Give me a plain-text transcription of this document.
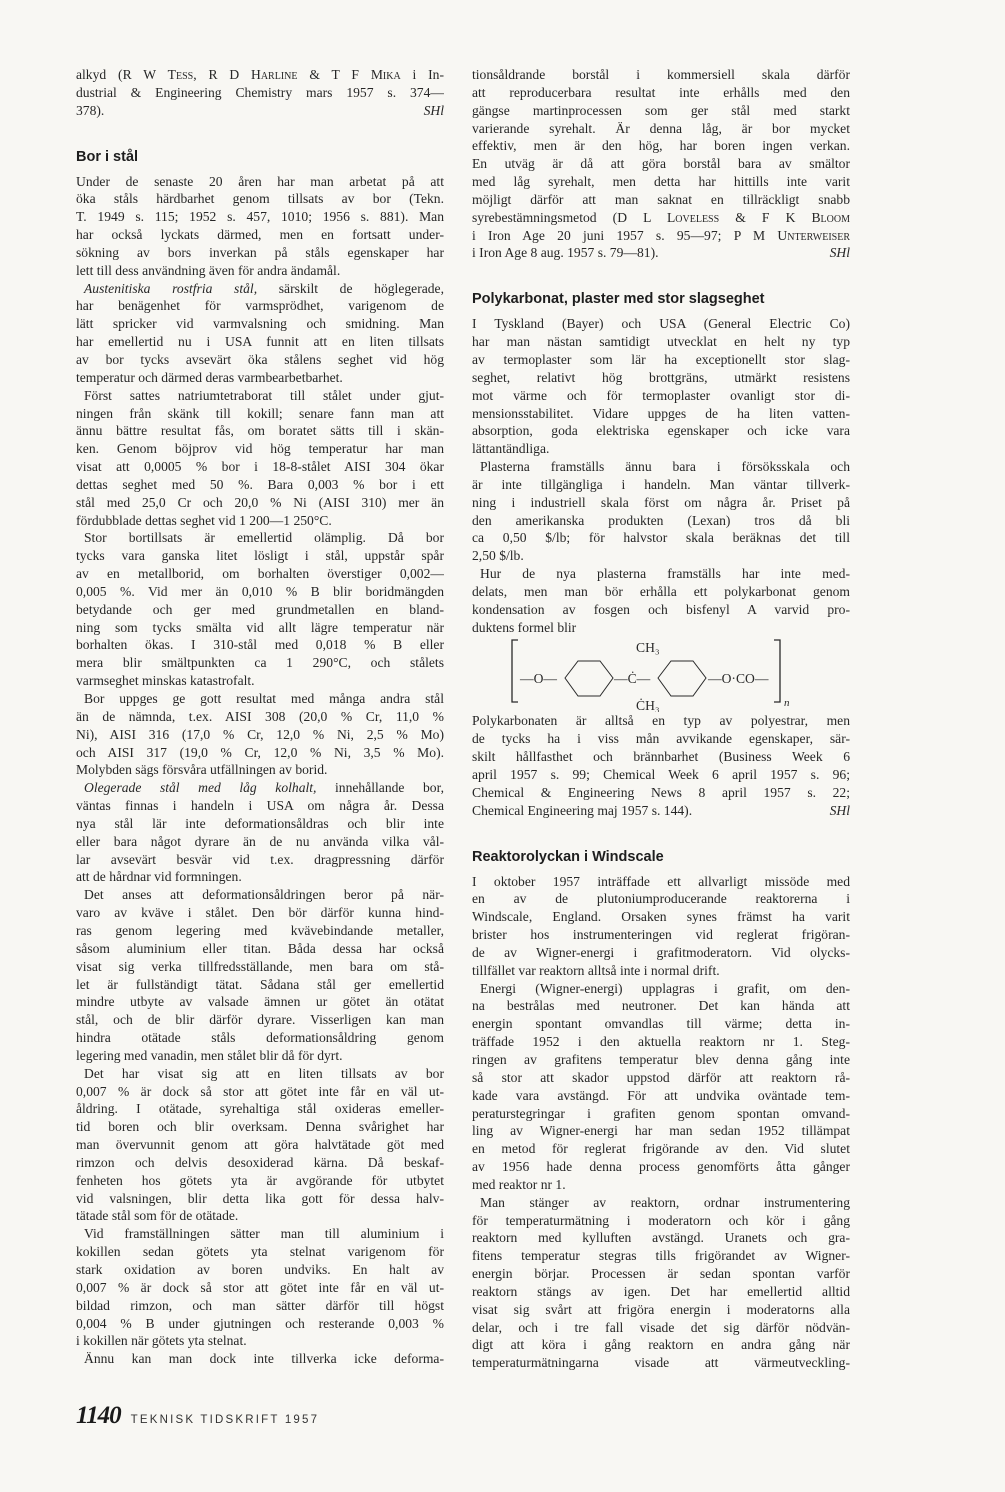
alkyd (R W Tess, R D Harline & T F Mika i In-
dustrial & Engineering Chemistry mars 1957 s. 374—
378).	SHl
Bor i stål
Under de senaste 20 åren har man arbetat på att
öka ståls härdbarhet genom tillsats av bor (Tekn.
T. 1949 s. 115; 1952 s. 457, 1010; 1956 s. 881). Man
har också lyckats därmed, men en fortsatt under-
sökning av bors inverkan på ståls egenskaper har
lett till dess användning även för andra ändamål.
Austenitiska rostfria stål, särskilt de höglegerade,
har benägenhet för varmsprödhet, varigenom de
lätt spricker vid varmvalsning och smidning. Man
har emellertid nu i USA funnit att en liten tillsats
av bor tycks avsevärt öka stålens seghet vid hög
temperatur och därmed deras varmbearbetbarhet.
Först sattes natriumtetraborat till stålet under gjut-
ningen från skänk till kokill; senare fann man att
ännu bättre resultat fås, om boratet sätts till i skän-
ken. Genom böjprov vid hög temperatur har man
visat att 0,0005 % bor i 18-8-stålet AISI 304 ökar
dettas seghet med 50 %. Bara 0,003 % bor i ett
stål med 25,0 Cr och 20,0 % Ni (AISI 310) mer än
fördubblade dettas seghet vid 1 200—1 250°C.
Stor bortillsats är emellertid olämplig. Då bor
tycks vara ganska litet lösligt i stål, uppstår spår
av en metallborid, om borhalten överstiger 0,002—
0,005 %. Vid mer än 0,010 % B blir boridmängden
betydande och ger med grundmetallen en bland-
ning som tycks smälta vid allt lägre temperatur när
borhalten ökas. I 310-stål med 0,018 % B eller
mera blir smältpunkten ca 1 290°C, och stålets
varmseghet minskas katastrofalt.
Bor uppges ge gott resultat med många andra stål
än de nämnda, t.ex. AISI 308 (20,0 % Cr, 11,0 %
Ni), AISI 316 (17,0 % Cr, 12,0 % Ni, 2,5 % Mo)
och AISI 317 (19,0 % Cr, 12,0 % Ni, 3,5 % Mo).
Molybden sägs försvåra utfällningen av borid.
Olegerade stål med låg kolhalt, innehållande bor,
väntas finnas i handeln i USA om några år. Dessa
nya stål lär inte deformationsåldras och blir inte
eller bara något dyrare än de nu använda vilka vål-
lar avsevärt besvär vid t.ex. dragpressning därför
att de hårdnar vid formningen.
Det anses att deformationsåldringen beror på när-
varo av kväve i stålet. Den bör därför kunna hind-
ras genom legering med kvävebindande metaller,
såsom aluminium eller titan. Båda dessa har också
visat sig verka tillfredsställande, men bara om stå-
let är fullständigt tätat. Sådana stål ger emellertid
mindre utbyte av valsade ämnen ur götet än otätat
stål, och de blir därför dyrare. Visserligen kan man
hindra otätade ståls deformationsåldring genom
legering med vanadin, men stålet blir då för dyrt.
Det har visat sig att en liten tillsats av bor
0,007 % är dock så stor att götet inte får en väl ut-
åldring. I otätade, syrehaltiga stål oxideras emeller-
tid boren och blir overksam. Denna svårighet har
man övervunnit genom att göra halvtätade göt med
rimzon och delvis desoxiderad kärna. Då beskaf-
fenheten hos götets yta är avgörande för utbytet
vid valsningen, blir detta lika gott för dessa halv-
tätade stål som för de otätade.
Vid framställningen sätter man till aluminium i
kokillen sedan götets yta stelnat varigenom för
stark oxidation av boren undviks. En halt av
0,007 % är dock så stor att götet inte får en väl ut-
bildad rimzon, och man sätter därför till högst
0,004 % B under gjutningen och resterande 0,003 %
i kokillen när götets yta stelnat.
Ännu kan man dock inte tillverka icke deforma-
tionsåldrande borstål i kommersiell skala därför
att reproducerbara resultat inte erhålls med den
gängse martinprocessen som ger stål med starkt
varierande syrehalt. Är denna låg, är bor mycket
effektiv, men är den hög, har boren ingen verkan.
En utväg är då att göra borstål bara av smältor
med låg syrehalt, men detta har hittills inte varit
möjligt därför att man saknat en tillräckligt snabb
syrebestämningsmetod (D L Loveless & F K Bloom
i Iron Age 20 juni 1957 s. 95—97; P M Unterweiser
i Iron Age 8 aug. 1957 s. 79—81).	SHl
Polykarbonat, plaster med stor slagseghet
I Tyskland (Bayer) och USA (General Electric Co)
har man nästan samtidigt utvecklat en helt ny typ
av termoplaster som lär ha exceptionellt stor slag-
seghet, relativt hög brottgräns, utmärkt resistens
mot värme och för termoplaster ovanligt stor di-
mensionsstabilitet. Vidare uppges de ha liten vatten-
absorption, goda elektriska egenskaper och icke vara
lättantändliga.
Plasterna framställs ännu bara i försöksskala och
är inte tillgängliga i handeln. Man väntar tillverk-
ning i industriell skala först om några år. Priset på
den amerikanska produkten (Lexan) tros då bli
ca 0,50 $/lb; för halvstor skala beräknas det till
2,50 $/lb.
Hur de nya plasterna framställs har inte med-
delats, men man bör erhålla ett polykarbonat genom
kondensation av fosgen och bisfenyl A varvid pro-
duktens formel blir
—O—
CH₃
—Ċ—
ĊH₃
—O·CO—
n
Polykarbonaten är alltså en typ av polyestrar, men
de tycks ha i viss mån avvikande egenskaper, sär-
skilt hållfasthet och brännbarhet (Business Week 6
april 1957 s. 99; Chemical Week 6 april 1957 s. 96;
Chemical & Engineering News 8 april 1957 s. 22;
Chemical Engineering maj 1957 s. 144).	SHl
Reaktorolyckan i Windscale
I oktober 1957 inträffade ett allvarligt missöde med
en av de plutoniumproducerande reaktorerna i
Windscale, England. Orsaken synes främst ha varit
brister hos instrumenteringen vid reglerat frigöran-
de av Wigner-energi i grafitmoderatorn. Vid olycks-
tillfället var reaktorn alltså inte i normal drift.
Energi (Wigner-energi) upplagras i grafit, om den-
na bestrålas med neutroner. Det kan hända att
energin spontant omvandlas till värme; detta in-
träffade 1952 i den aktuella reaktorn nr 1. Steg-
ringen av grafitens temperatur blev denna gång inte
så stor att skador uppstod därför att reaktorn rå-
kade vara avstängd. För att undvika oväntade tem-
peraturstegringar i grafiten genom spontan omvand-
ling av Wigner-energi har man sedan 1952 tillämpat
en metod för reglerat frigörande av den. Vid slutet
av 1956 hade denna process genomförts åtta gånger
med reaktor nr 1.
Man stänger av reaktorn, ordnar instrumentering
för temperaturmätning i moderatorn och kör i gång
reaktorn med kylluften avstängd. Uranets och gra-
fitens temperatur stegras tills frigörandet av Wigner-
energin börjar. Processen är sedan spontan varför
reaktorn stängs av igen. Det har emellertid alltid
visat sig svårt att frigöra energin i moderatorns alla
delar, och i tre fall visade det sig därför nödvän-
digt att köra i gång reaktorn en andra gång när
temperaturmätningarna visade att värmeutveckling-
1140 TEKNISK TIDSKRIFT 1957
